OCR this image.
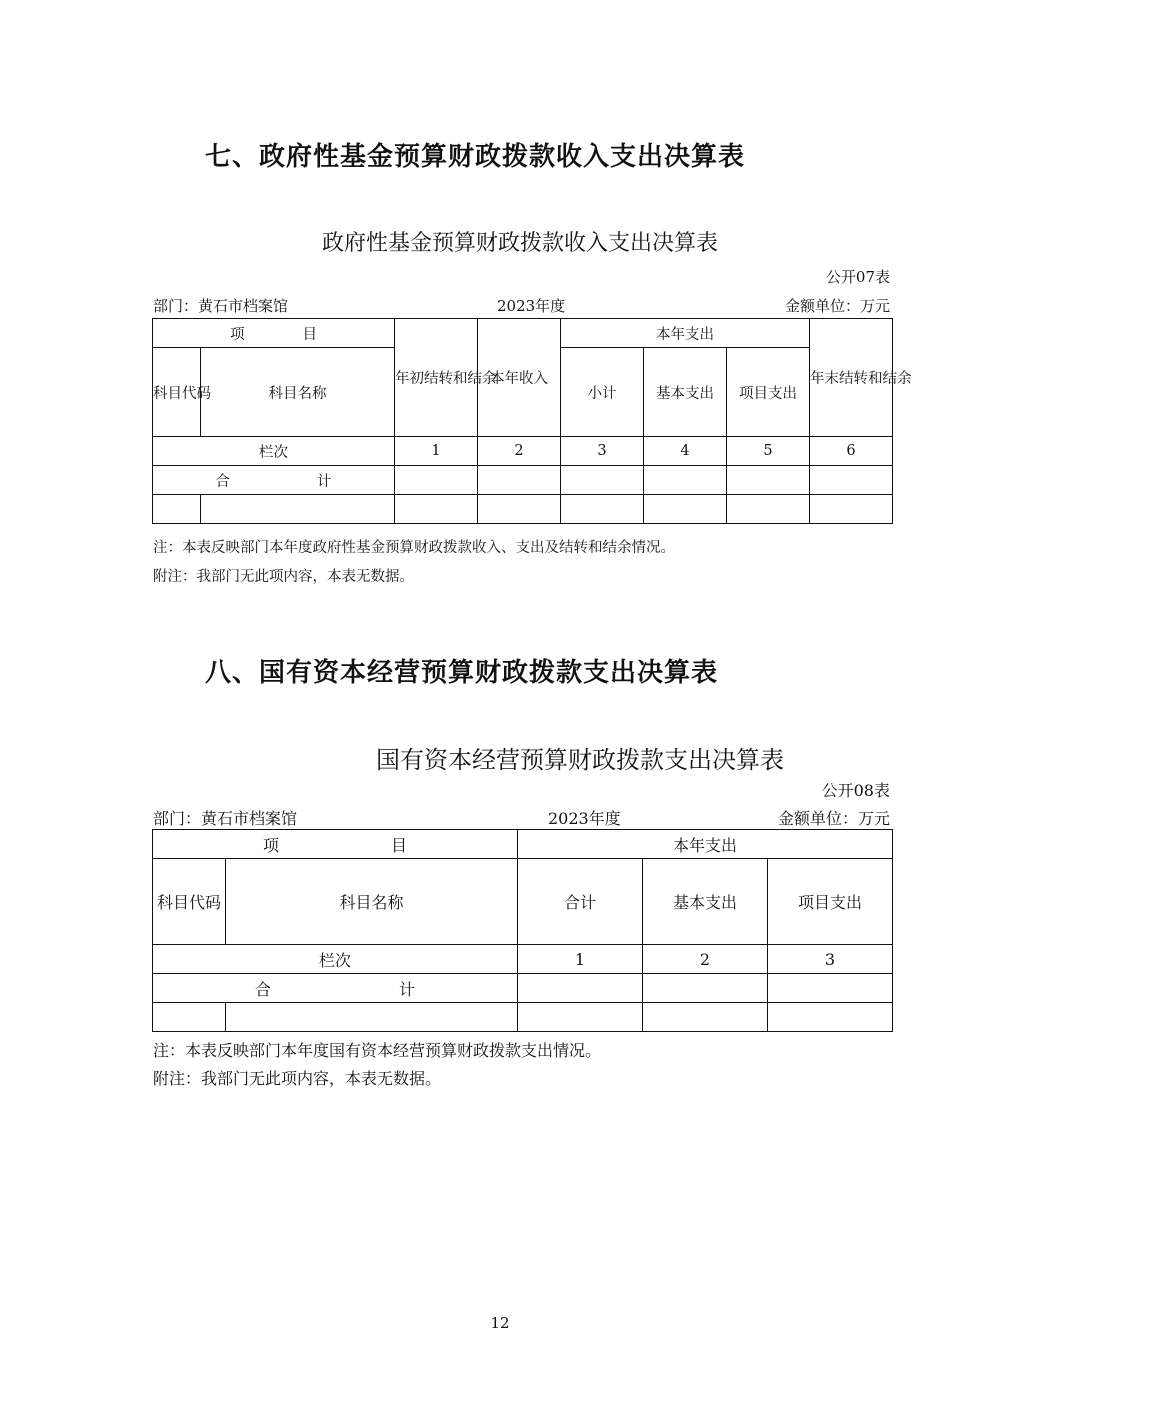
七、政府性基金预算财政拨款收入支出决算表
政府性基金预算财政拨款收入支出决算表
公开07表
部门：黄石市档案馆	2023年度	金额单位：万元
项　　　　目		年初结转和结余	本年收入	本年支出			年末结转和结余
科目代码	科目名称			小计	基本支出	项目支出	
栏次		1	2	3	4	5	6
合　　　　　　计							

注：本表反映部门本年度政府性基金预算财政拨款收入、支出及结转和结余情况。
附注：我部门无此项内容，本表无数据。
八、国有资本经营预算财政拨款支出决算表
国有资本经营预算财政拨款支出决算表
公开08表
部门：黄石市档案馆	2023年度	金额单位：万元
项　　　　　　　目		本年支出		
科目代码	科目名称	合计	基本支出	项目支出
栏次		1	2	3
合　　　　　　　　计				

注：本表反映部门本年度国有资本经营预算财政拨款支出情况。
附注：我部门无此项内容，本表无数据。
12
